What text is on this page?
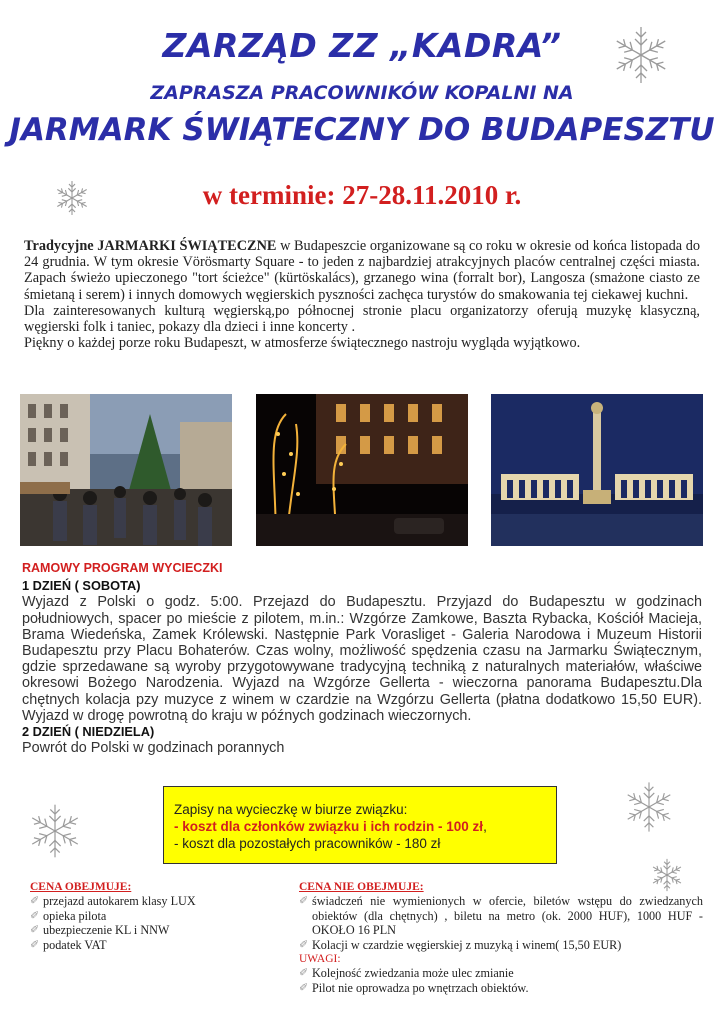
ZARZĄD ZZ „KADRA”
ZAPRASZA PRACOWNIKÓW KOPALNI NA
JARMARK ŚWIĄTECZNY DO BUDAPESZTU
w terminie: 27-28.11.2010 r.

Tradycyjne JARMARKI ŚWIĄTECZNE w Budapeszcie organizowane są co roku w okresie od końca listopada do 24 grudnia. W tym okresie Vörösmarty Square - to jeden z najbardziej atrakcyjnych placów centralnej części miasta. Zapach świeżo upieczonego "tort ścieżce" (kürtöskalács), grzanego wina (forralt bor), Langosza (smażone ciasto ze śmietaną i serem) i innych domowych węgierskich pyszności zachęca turystów do smakowania tej ciekawej kuchni.

Dla zainteresowanych kulturą węgierską,po północnej stronie placu organizatorzy oferują muzykę klasyczną, węgierski folk i taniec, pokazy dla dzieci i inne koncerty .

Piękny o każdej porze roku Budapeszt, w atmosferze świątecznego nastroju wygląda wyjątkowo.

RAMOWY PROGRAM WYCIECZKI
1 DZIEŃ ( SOBOTA)
Wyjazd z Polski o godz. 5:00. Przejazd do Budapesztu. Przyjazd do Budapesztu w godzinach południowych, spacer po mieście z pilotem, m.in.: Wzgórze Zamkowe, Baszta Rybacka, Kościół Macieja, Brama Wiedeńska, Zamek Królewski. Następnie Park Vorasliget - Galeria Narodowa i Muzeum Historii Budapesztu przy Placu Bohaterów. Czas wolny, możliwość spędzenia czasu na Jarmarku Świątecznym, gdzie sprzedawane są wyroby przygotowywane tradycyjną techniką z naturalnych materiałów, właściwe okresowi Bożego Narodzenia. Wyjazd na Wzgórze Gellerta - wieczorna panorama Budapesztu.Dla chętnych kolacja pzy muzyce z winem w czardzie na Wzgórzu Gellerta (płatna dodatkowo 15,50 EUR). Wyjazd w drogę powrotną do kraju w późnych godzinach wieczornych.
2 DZIEŃ ( NIEDZIELA)
Powrót do Polski w godzinach porannych
Zapisy na wycieczkę w biurze związku:
- koszt dla członków związku i ich rodzin - 100 zł,
- koszt dla pozostałych pracowników - 180 zł
CENA OBEJMUJE:
✐ przejazd autokarem klasy LUX
✐ opieka pilota
✐ ubezpieczenie KL i NNW
✐ podatek VAT
CENA NIE OBEJMUJE:
✐ świadczeń nie wymienionych w ofercie, biletów wstępu do zwiedzanych obiektów (dla chętnych) , biletu na metro (ok. 2000 HUF), 1000 HUF - OKOŁO 16 PLN
✐ Kolacji w czardzie węgierskiej z muzyką i winem( 15,50 EUR)
UWAGI:
✐ Kolejność zwiedzania może ulec zmianie
✐ Pilot nie oprowadza po wnętrzach obiektów.
